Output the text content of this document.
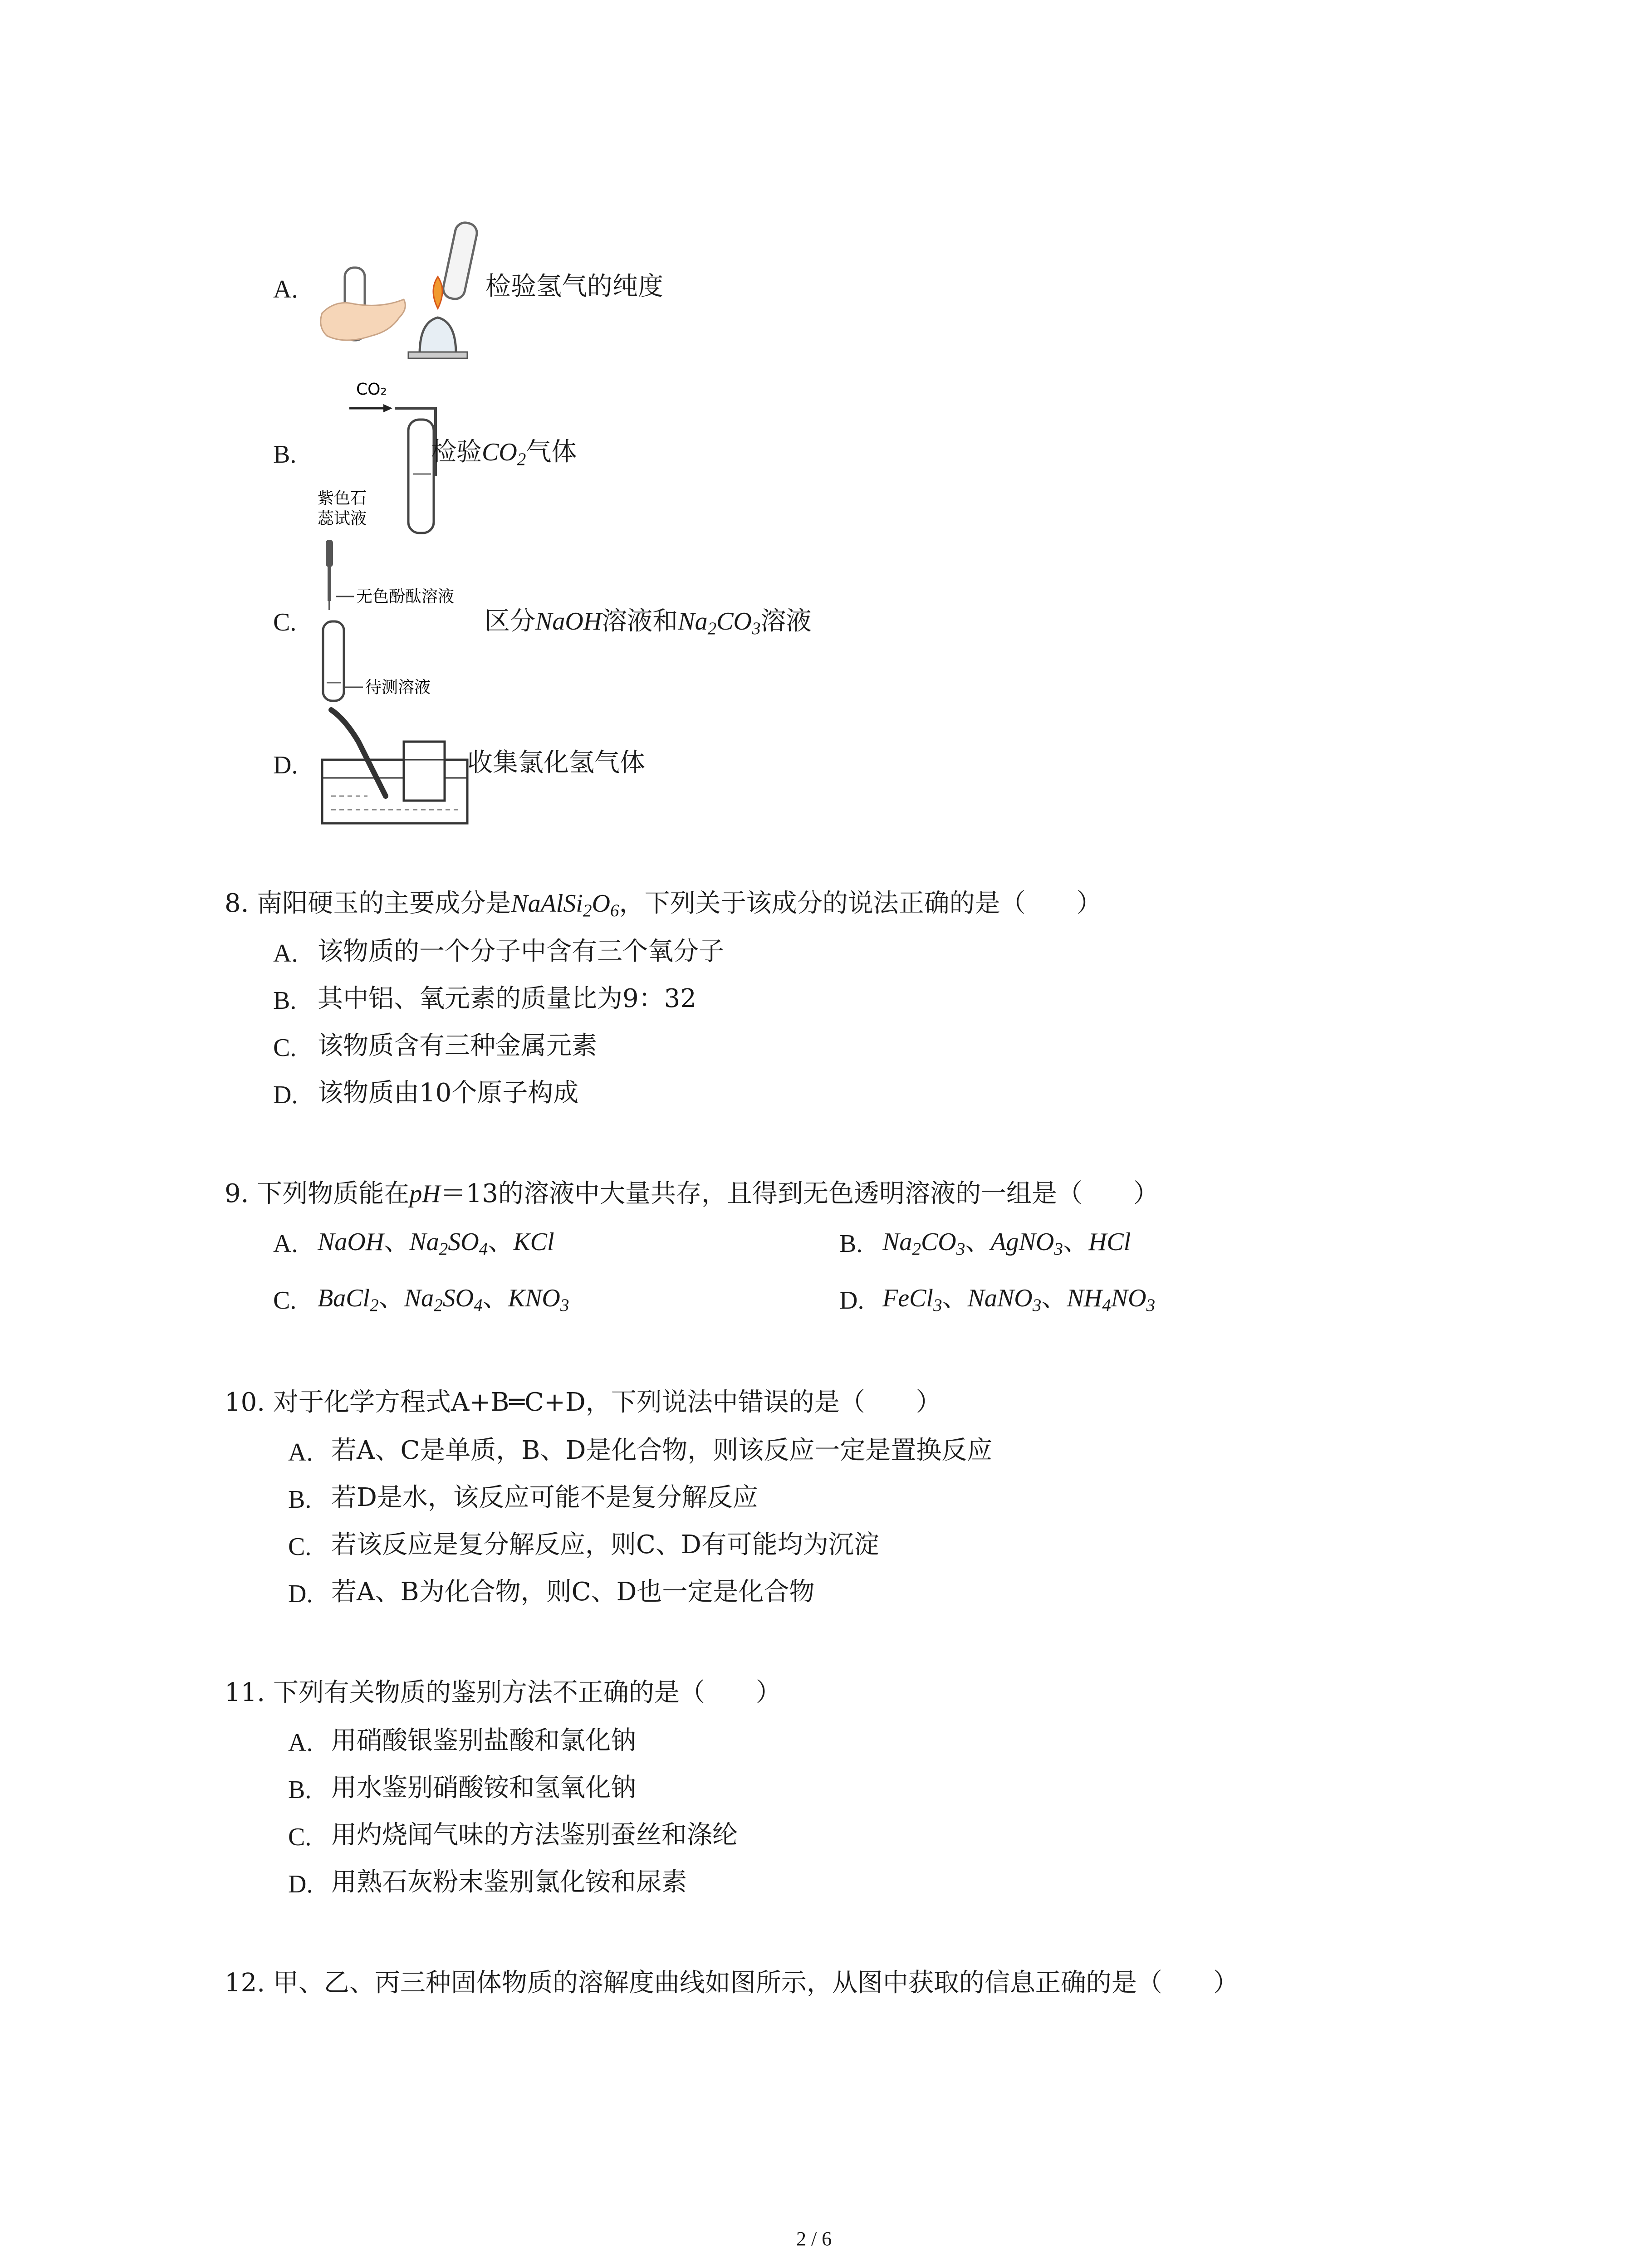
A.	检验氢气的纯度
B.
CO₂
紫色石
蕊试液
检验$CO_2$气体
C.
无色酚酞溶液
待测溶液
区分NaOH溶液和$Na_2CO_3$溶液
D.	收集氯化氢气体
8. 南阳硬玉的主要成分是$NaAlSi_2O_6$，下列关于该成分的说法正确的是（　　）
A. 该物质的一个分子中含有三个氧分子
B. 其中铝、氧元素的质量比为9：32
C. 该物质含有三种金属元素
D. 该物质由10个原子构成
9. 下列物质能在pH＝13的溶液中大量共存，且得到无色透明溶液的一组是（　　）
A. NaOH、$Na_2SO_4$、KCl	B. $Na_2CO_3$、AgNO$_3$、HCl
C. BaCl$_2$、$Na_2SO_4$、$KNO_3$	D. FeCl$_3$、NaNO$_3$、$NH_4NO_3$
10. 对于化学方程式A+B═C+D，下列说法中错误的是（　　）
A. 若A、C是单质，B、D是化合物，则该反应一定是置换反应
B. 若D是水，该反应可能不是复分解反应
C. 若该反应是复分解反应，则C、D有可能均为沉淀
D. 若A、B为化合物，则C、D也一定是化合物
11. 下列有关物质的鉴别方法不正确的是（　　）
A. 用硝酸银鉴别盐酸和氯化钠
B. 用水鉴别硝酸铵和氢氧化钠
C. 用灼烧闻气味的方法鉴别蚕丝和涤纶
D. 用熟石灰粉末鉴别氯化铵和尿素
12. 甲、乙、丙三种固体物质的溶解度曲线如图所示，从图中获取的信息正确的是（　　）
2 / 6
